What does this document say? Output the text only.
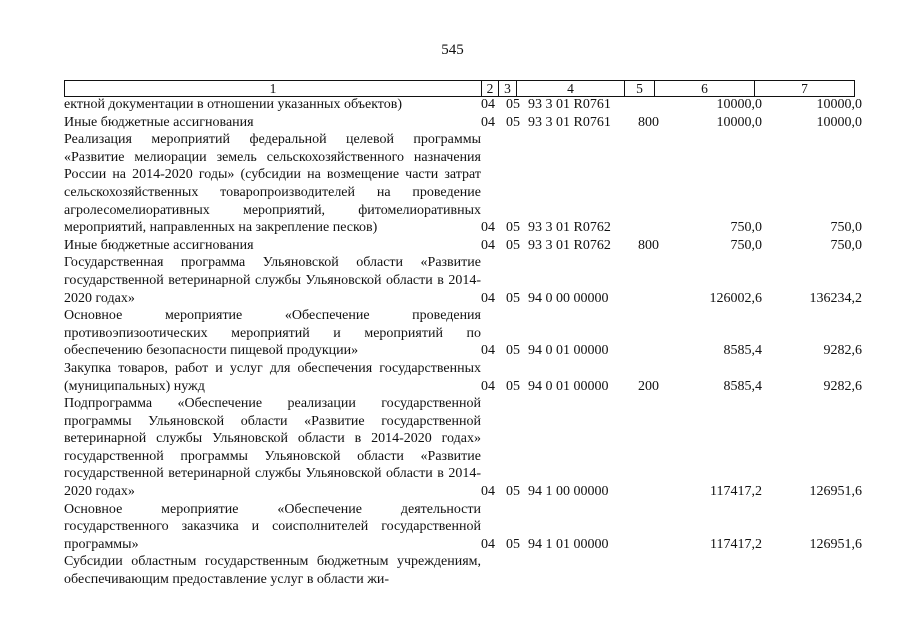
545
1	2	3	4	5	6	7
ектной документации в отношении указанных объектов)	04	05	93 3 01 R0761		10000,0	10000,0

Иные бюджетные ассигнования	04	05	93 3 01 R0761	800	10000,0	10000,0

Реализация мероприятий федеральной целевой программы «Развитие мелиорации земель сельскохозяйственного назначения России на 2014-2020 годы» (субсидии на возмещение части затрат сельскохозяйственных товаропроизводителей на проведение агролесомелиоративных мероприятий, фитомелиоративных мероприятий, направленных на закрепление песков)	04	05	93 3 01 R0762		750,0	750,0

Иные бюджетные ассигнования	04	05	93 3 01 R0762	800	750,0	750,0

Государственная программа Ульяновской области «Развитие государственной ветеринарной службы Ульяновской области в 2014-2020 годах»	04	05	94 0 00 00000		126002,6	136234,2

Основное мероприятие «Обеспечение проведения противоэпизоотических мероприятий и мероприятий по обеспечению безопасности пищевой продукции»	04	05	94 0 01 00000		8585,4	9282,6

Закупка товаров, работ и услуг для обеспечения государственных (муниципальных) нужд	04	05	94 0 01 00000	200	8585,4	9282,6

Подпрограмма «Обеспечение реализации государственной программы Ульяновской области «Развитие государственной ветеринарной службы Ульяновской области в 2014-2020 годах» государственной программы Ульяновской области «Развитие государственной ветеринарной службы Ульяновской области в 2014-2020 годах»	04	05	94 1 00 00000		117417,2	126951,6

Основное мероприятие «Обеспечение деятельности государственного заказчика и соисполнителей государственной программы»	04	05	94 1 01 00000		117417,2	126951,6

Субсидии областным государственным бюджетным учреждениям, обеспечивающим предоставление услуг в области жи-						
